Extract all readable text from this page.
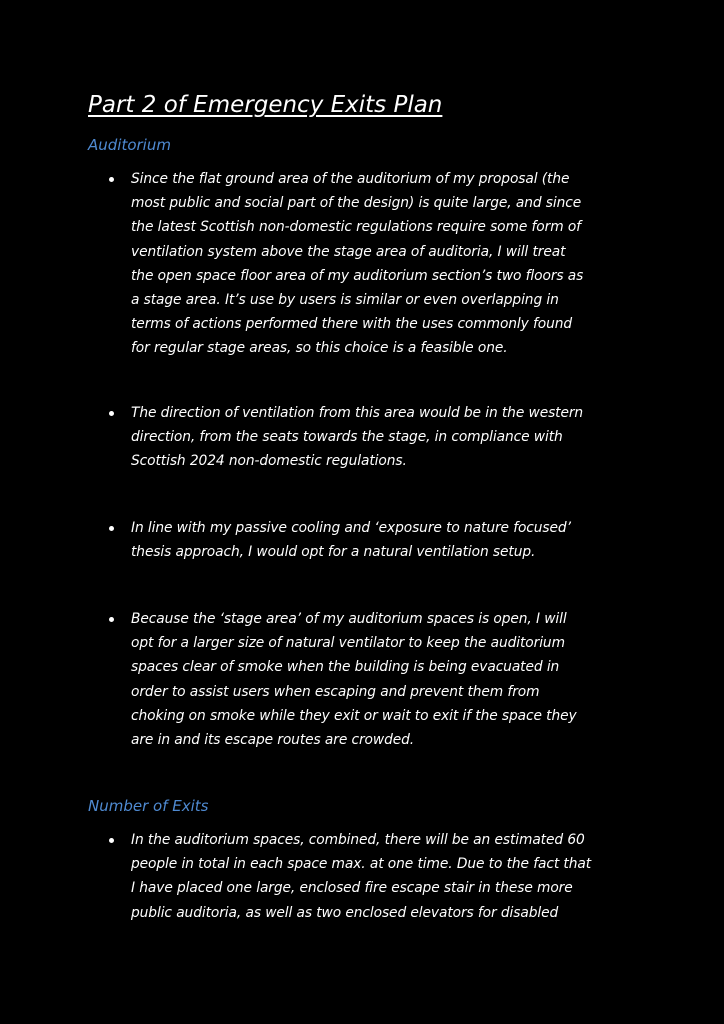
Part 2 of Emergency Exits Plan
Auditorium
Since the flat ground area of the auditorium of my proposal (the
most public and social part of the design) is quite large, and since
the latest Scottish non-domestic regulations require some form of
ventilation system above the stage area of auditoria, I will treat
the open space floor area of my auditorium section’s two floors as
a stage area. It’s use by users is similar or even overlapping in
terms of actions performed there with the uses commonly found
for regular stage areas, so this choice is a feasible one.
The direction of ventilation from this area would be in the western
direction, from the seats towards the stage, in compliance with
Scottish 2024 non-domestic regulations.
In line with my passive cooling and ‘exposure to nature focused’
thesis approach, I would opt for a natural ventilation setup.
Because the ‘stage area’ of my auditorium spaces is open, I will
opt for a larger size of natural ventilator to keep the auditorium
spaces clear of smoke when the building is being evacuated in
order to assist users when escaping and prevent them from
choking on smoke while they exit or wait to exit if the space they
are in and its escape routes are crowded.
Number of Exits
In the auditorium spaces, combined, there will be an estimated 60
people in total in each space max. at one time. Due to the fact that
I have placed one large, enclosed fire escape stair in these more
public auditoria, as well as two enclosed elevators for disabled
